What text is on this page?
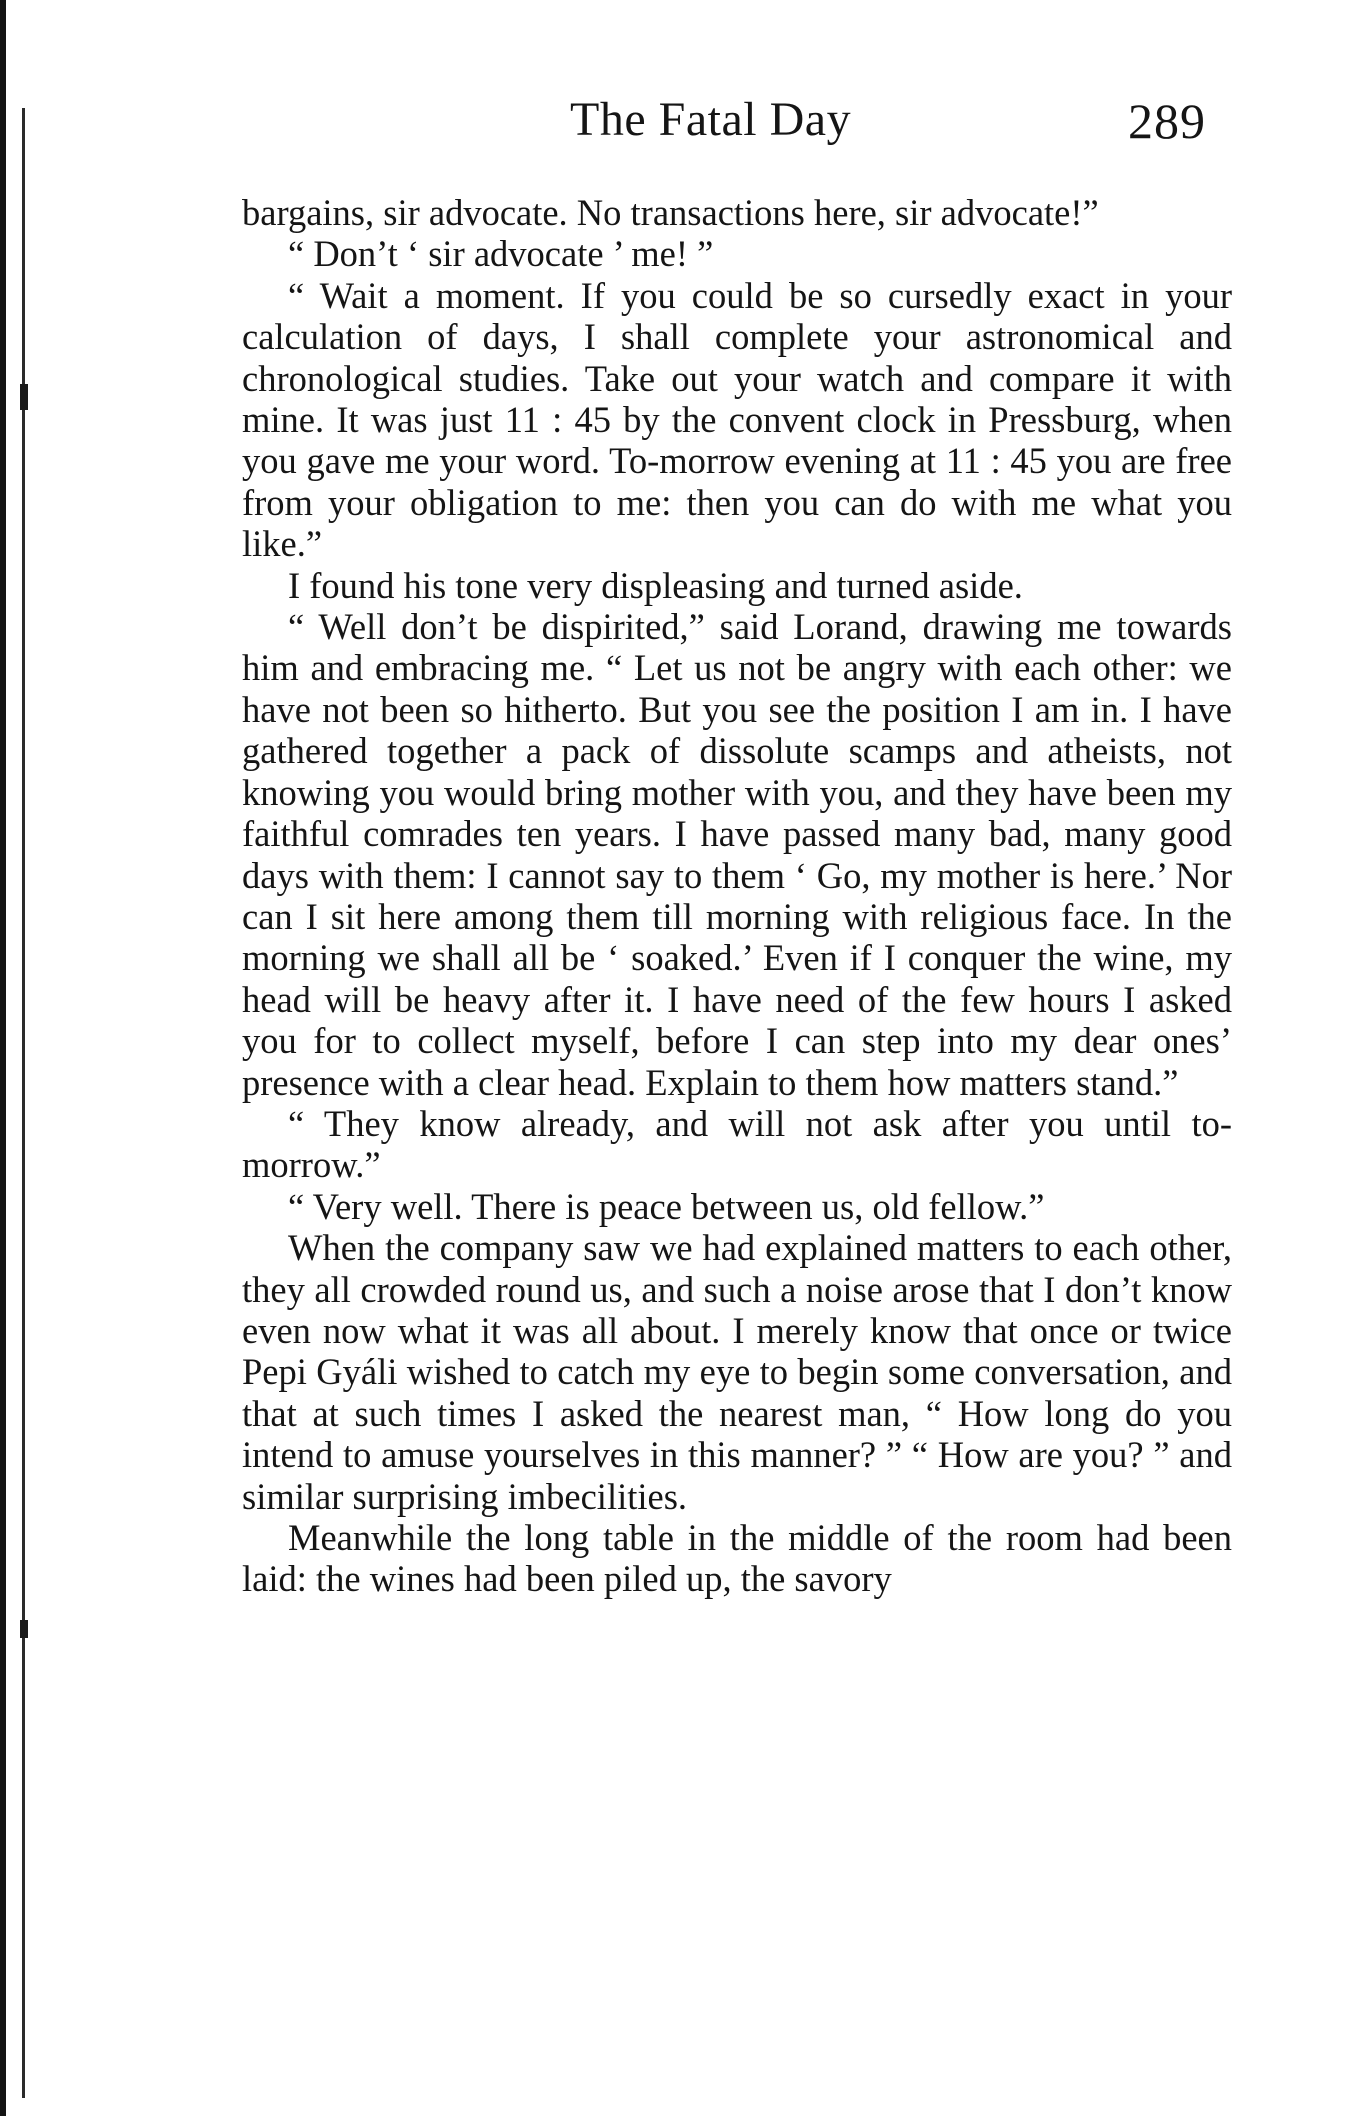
The Fatal Day	289

bargains, sir advocate. No transactions here, sir advocate!”

“ Don’t ‘ sir advocate ’ me! ”

“ Wait a moment. If you could be so cursedly exact in your calculation of days, I shall complete your astronomical and chronological studies. Take out your watch and compare it with mine. It was just 11 : 45 by the convent clock in Pressburg, when you gave me your word. To-morrow evening at 11 : 45 you are free from your obligation to me: then you can do with me what you like.”

I found his tone very displeasing and turned aside.

“ Well don’t be dispirited,” said Lorand, drawing me towards him and embracing me. “ Let us not be angry with each other: we have not been so hitherto. But you see the position I am in. I have gathered together a pack of dissolute scamps and atheists, not knowing you would bring mother with you, and they have been my faithful comrades ten years. I have passed many bad, many good days with them: I cannot say to them ‘ Go, my mother is here.’ Nor can I sit here among them till morning with religious face. In the morning we shall all be ‘ soaked.’ Even if I conquer the wine, my head will be heavy after it. I have need of the few hours I asked you for to collect myself, before I can step into my dear ones’ presence with a clear head. Explain to them how matters stand.”

“ They know already, and will not ask after you until to-morrow.”

“ Very well. There is peace between us, old fellow.”

When the company saw we had explained matters to each other, they all crowded round us, and such a noise arose that I don’t know even now what it was all about. I merely know that once or twice Pepi Gyáli wished to catch my eye to begin some conversation, and that at such times I asked the nearest man, “ How long do you intend to amuse yourselves in this manner? ” “ How are you? ” and similar surprising imbecilities.

Meanwhile the long table in the middle of the room had been laid: the wines had been piled up, the savory
